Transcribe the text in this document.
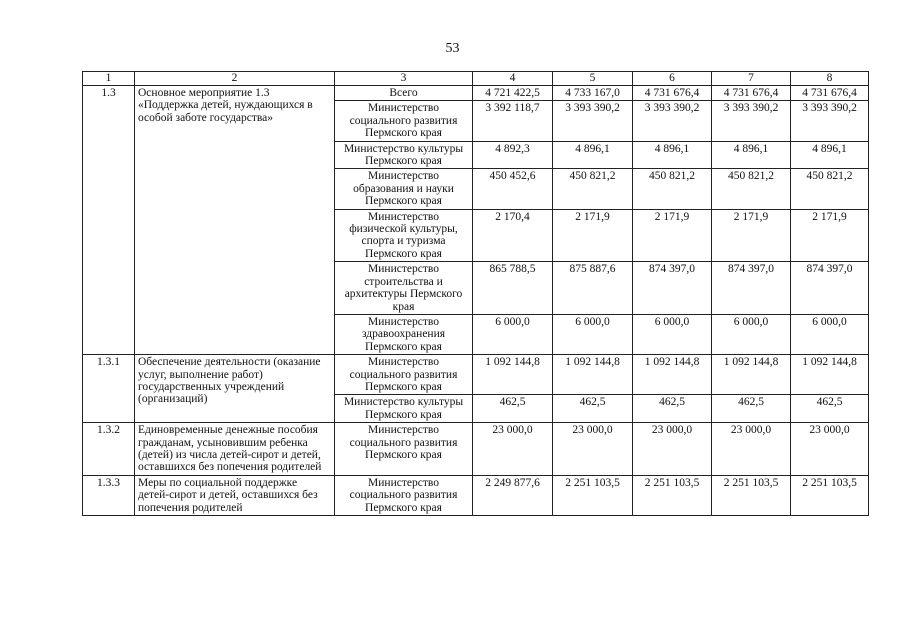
53
1	2	3	4	5	6	7	8
1.3	Основное мероприятие 1.3 «Поддержка детей, нуждающихся в особой заботе государства»	Всего	4 721 422,5	4 733 167,0	4 731 676,4	4 731 676,4	4 731 676,4
		Министерство социального развития Пермского края	3 392 118,7	3 393 390,2	3 393 390,2	3 393 390,2	3 393 390,2
		Министерство культуры Пермского края	4 892,3	4 896,1	4 896,1	4 896,1	4 896,1
		Министерство образования и науки Пермского края	450 452,6	450 821,2	450 821,2	450 821,2	450 821,2
		Министерство физической культуры, спорта и туризма Пермского края	2 170,4	2 171,9	2 171,9	2 171,9	2 171,9
		Министерство строительства и архитектуры Пермского края	865 788,5	875 887,6	874 397,0	874 397,0	874 397,0
		Министерство здравоохранения Пермского края	6 000,0	6 000,0	6 000,0	6 000,0	6 000,0
1.3.1	Обеспечение деятельности (оказание услуг, выполнение работ) государственных учреждений (организаций)	Министерство социального развития Пермского края	1 092 144,8	1 092 144,8	1 092 144,8	1 092 144,8	1 092 144,8
		Министерство культуры Пермского края	462,5	462,5	462,5	462,5	462,5
1.3.2	Единовременные денежные пособия гражданам, усыновившим ребенка (детей) из числа детей-сирот и детей, оставшихся без попечения родителей	Министерство социального развития Пермского края	23 000,0	23 000,0	23 000,0	23 000,0	23 000,0
1.3.3	Меры по социальной поддержке детей-сирот и детей, оставшихся без попечения родителей	Министерство социального развития Пермского края	2 249 877,6	2 251 103,5	2 251 103,5	2 251 103,5	2 251 103,5
